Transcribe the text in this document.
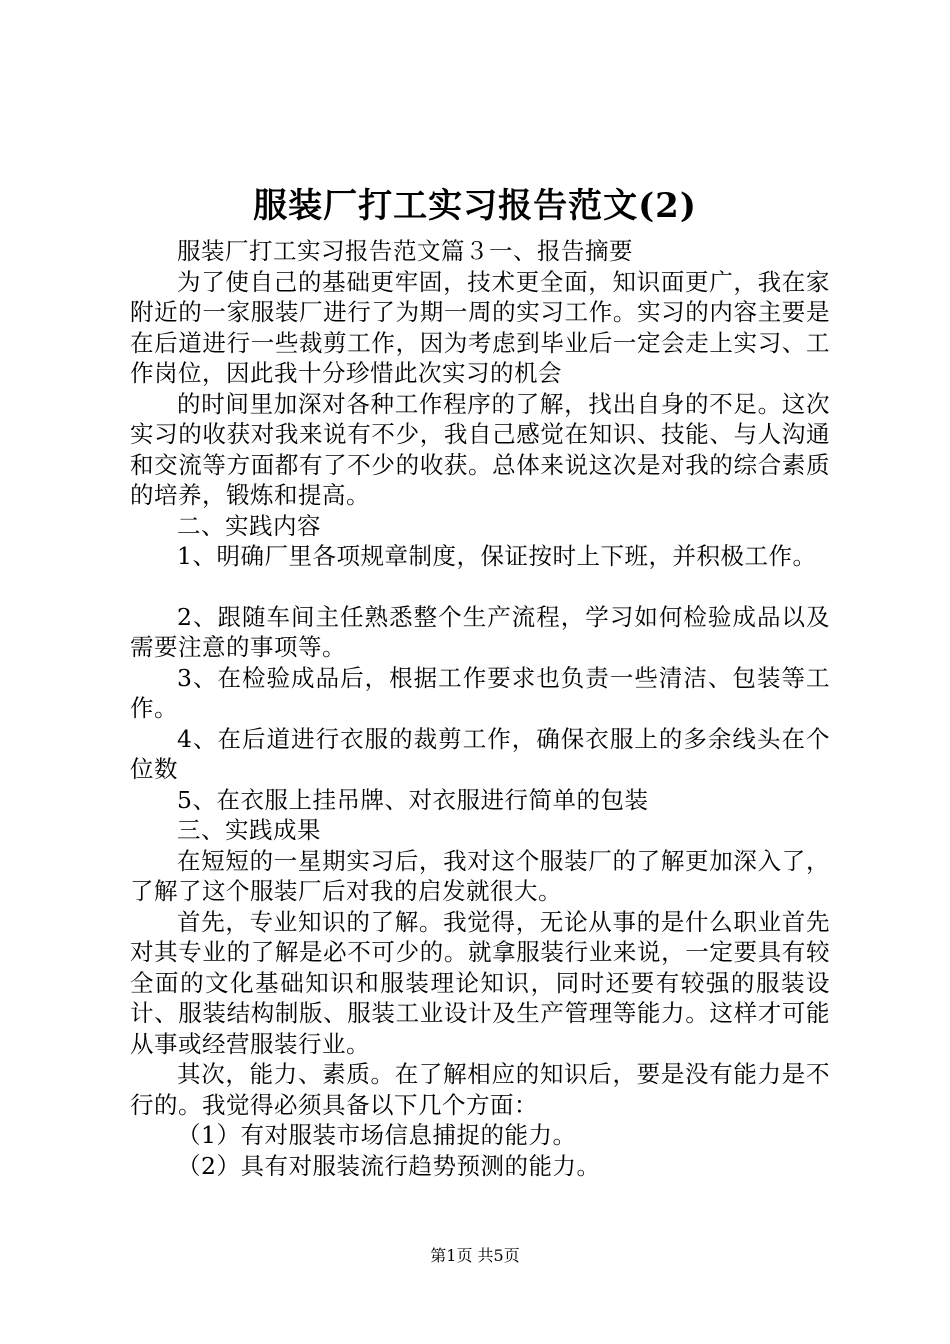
服装厂打工实习报告范文(2)

服装厂打工实习报告范文篇３一、报告摘要

为了使自己的基础更牢固，技术更全面，知识面更广，我在家附近的一家服装厂进行了为期一周的实习工作。实习的内容主要是在后道进行一些裁剪工作，因为考虑到毕业后一定会走上实习、工作岗位，因此我十分珍惜此次实习的机会

的时间里加深对各种工作程序的了解，找出自身的不足。这次实习的收获对我来说有不少，我自己感觉在知识、技能、与人沟通和交流等方面都有了不少的收获。总体来说这次是对我的综合素质的培养，锻炼和提高。

二、实践内容

1、明确厂里各项规章制度，保证按时上下班，并积极工作。

2、跟随车间主任熟悉整个生产流程，学习如何检验成品以及需要注意的事项等。

3、在检验成品后，根据工作要求也负责一些清洁、包装等工作。

4、在后道进行衣服的裁剪工作，确保衣服上的多余线头在个位数

5、在衣服上挂吊牌、对衣服进行简单的包装

三、实践成果

在短短的一星期实习后，我对这个服装厂的了解更加深入了，了解了这个服装厂后对我的启发就很大。

首先，专业知识的了解。我觉得，无论从事的是什么职业首先对其专业的了解是必不可少的。就拿服装行业来说，一定要具有较全面的文化基础知识和服装理论知识，同时还要有较强的服装设计、服装结构制版、服装工业设计及生产管理等能力。这样才可能从事或经营服装行业。

其次，能力、素质。在了解相应的知识后，要是没有能力是不行的。我觉得必须具备以下几个方面：

（1）有对服装市场信息捕捉的能力。

（2）具有对服装流行趋势预测的能力。

第1页 共5页
